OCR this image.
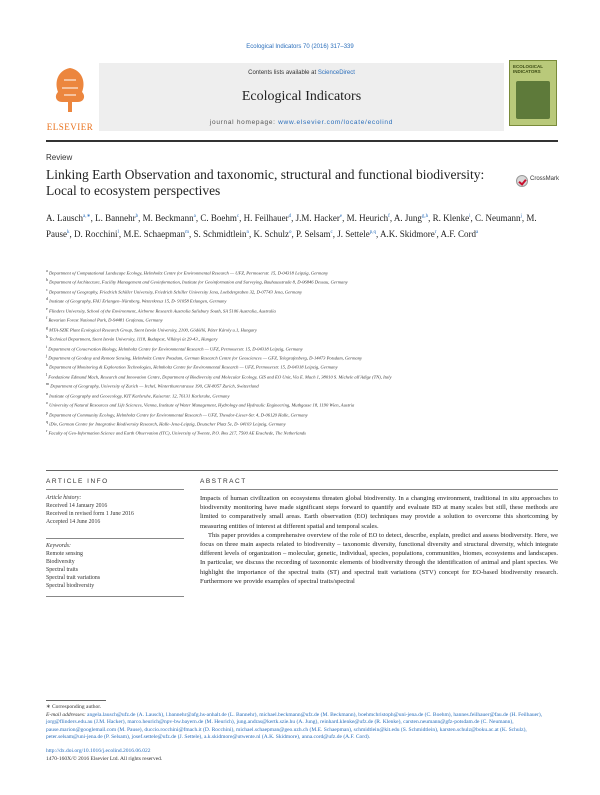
Ecological Indicators 70 (2016) 317–339
ELSEVIER
Contents lists available at ScienceDirect
Ecological Indicators
journal homepage: www.elsevier.com/locate/ecolind
ECOLOGICAL INDICATORS
Review
Linking Earth Observation and taxonomic, structural and functional biodiversity: Local to ecosystem perspectives
CrossMark
A. Lausch$^{a,∗}$, L. Bannehr$^b$, M. Beckmann$^a$, C. Boehm$^c$, H. Feilhauer$^d$, J.M. Hacker$^e$, M. Heurich$^f$, A. Jung$^{g,h}$, R. Klenke$^i$, C. Neumann$^j$, M. Pause$^k$, D. Rocchini$^l$, M.E. Schaepman$^m$, S. Schmidtlein$^n$, K. Schulz$^o$, P. Selsam$^c$, J. Settele$^{p,q}$, A.K. Skidmore$^r$, A.F. Cord$^a$
$^a$ Department of Computational Landscape Ecology, Helmholtz Centre for Environmental Research — UFZ, Permoserstr. 15, D-04318 Leipzig, Germany
$^b$ Department of Architecture, Facility Management and Geoinformation, Institute for Geoinformation and Surveying, Bauhausstraße 8, D-06846 Dessau, Germany
$^c$ Department of Geography, Friedrich Schiller University, Friedrich Schiller University Jena, Loebdergraben 32, D-07743 Jena, Germany
$^d$ Institute of Geography, FAU Erlangen–Nürnberg, Wetterkreuz 15, D- 91058 Erlangen, Germany
$^e$ Flinders University, School of the Environment, Airborne Research Australia Salisbury South, SA 5106 Australia, Australia
$^f$ Bavarian Forest National Park, D-94481 Grafenau, Germany
$^g$ MTA-SZIE Plant Ecological Research Group, Szent István University, 2100, Gödöllő, Páter Károly u.1, Hungary
$^h$ Technical Department, Szent István University, 1118, Budapest, Villányi út 29-43., Hungary
$^i$ Department of Conservation Biology, Helmholtz Centre for Environmental Research — UFZ, Permoserstr. 15, D-04318 Leipzig, Germany
$^j$ Department of Geodesy and Remote Sensing, Helmholtz Centre Potsdam, German Research Centre for Geosciences — GFZ, Telegrafenberg, D-14473 Potsdam, Germany
$^k$ Department of Monitoring & Exploration Technologies, Helmholtz Centre for Environmental Research — UFZ, Permoserstr. 15, D-04318 Leipzig, Germany
$^l$ Fondazione Edmund Mach, Research and Innovation Centre, Department of Biodiversity and Molecular Ecology, GIS and EO Unit, Via E. Mach 1, 38010 S. Michele all'Adige (TN), Italy
$^m$ Department of Geography, University of Zurich — Irchel, Winterthurerstrasse 190, CH-8057 Zurich, Switzerland
$^n$ Institute of Geography and Geoecology, KIT Karlsruhe, Kaiserstr. 12, 76131 Karlsruhe, Germany
$^o$ University of Natural Resources and Life Sciences, Vienna, Institute of Water Management, Hydrology and Hydraulic Engineering, Muthgasse 18, 1190 Wien, Austria
$^p$ Department of Community Ecology, Helmholtz Centre for Environmental Research — UFZ, Theodor-Lieser-Str. 4, D-06120 Halle, Germany
$^q$ iDiv, German Centre for Integrative Biodiversity Research, Halle-Jena-Leipzig, Deutscher Platz 5e, D- 04103 Leipzig, Germany
$^r$ Faculty of Geo-Information Science and Earth Observation (ITC), University of Twente, P.O. Box 217, 7500 AE Enschede, The Netherlands
ARTICLE INFO	ABSTRACT
Article history:
Received 14 January 2016
Received in revised form 1 June 2016
Accepted 14 June 2016
Keywords:
Remote sensing
Biodiversity
Spectral traits
Spectral trait variations
Spectral biodiversity

Impacts of human civilization on ecosystems threaten global biodiversity. In a changing environment, traditional in situ approaches to biodiversity monitoring have made significant steps forward to quantify and evaluate BD at many scales but still, these methods are limited to comparatively small areas. Earth observation (EO) techniques may provide a solution to overcome this shortcoming by measuring entities of interest at different spatial and temporal scales.

This paper provides a comprehensive overview of the role of EO to detect, describe, explain, predict and assess biodiversity. Here, we focus on three main aspects related to biodiversity – taxonomic diversity, functional diversity and structural diversity, which integrate different levels of organization – molecular, genetic, individual, species, populations, communities, biomes, ecosystems and landscapes. In particular, we discuss the recording of taxonomic elements of biodiversity through the identification of animal and plant species. We highlight the importance of the spectral traits (ST) and spectral trait variations (STV) concept for EO-based biodiversity research. Furthermore we provide examples of spectral traits/spectral

∗ Corresponding author.
E-mail addresses: angela.lausch@ufz.de (A. Lausch), l.bannehr@afg.hs-anhalt.de (L. Bannehr), michael.beckmann@ufz.de (M. Beckmann), boehmchristoph@uni-jena.de (C. Boehm), hannes.feilhauer@fau.de (H. Feilhauer), jorg@flinders.edu.au (J.M. Hacker), marco.heurich@npv-bw.bayern.de (M. Heurich), jung.andras@kertk.szie.hu (A. Jung), reinhard.klenke@ufz.de (R. Klenke), carsten.neumann@gfz-potsdam.de (C. Neumann), pause.marion@googlemail.com (M. Pause), duccio.rocchini@fmach.it (D. Rocchini), michael.schaepman@geo.uzh.ch (M.E. Schaepman), schmidtlein@kit.edu (S. Schmidtlein), karsten.schulz@boku.ac.at (K. Schulz), peter.selsam@uni-jena.de (P. Selsam), josef.settele@ufz.de (J. Settele), a.k.skidmore@utwente.nl (A.K. Skidmore), anna.cord@ufz.de (A.F. Cord).
http://dx.doi.org/10.1016/j.ecolind.2016.06.022
1470-160X/© 2016 Elsevier Ltd. All rights reserved.
